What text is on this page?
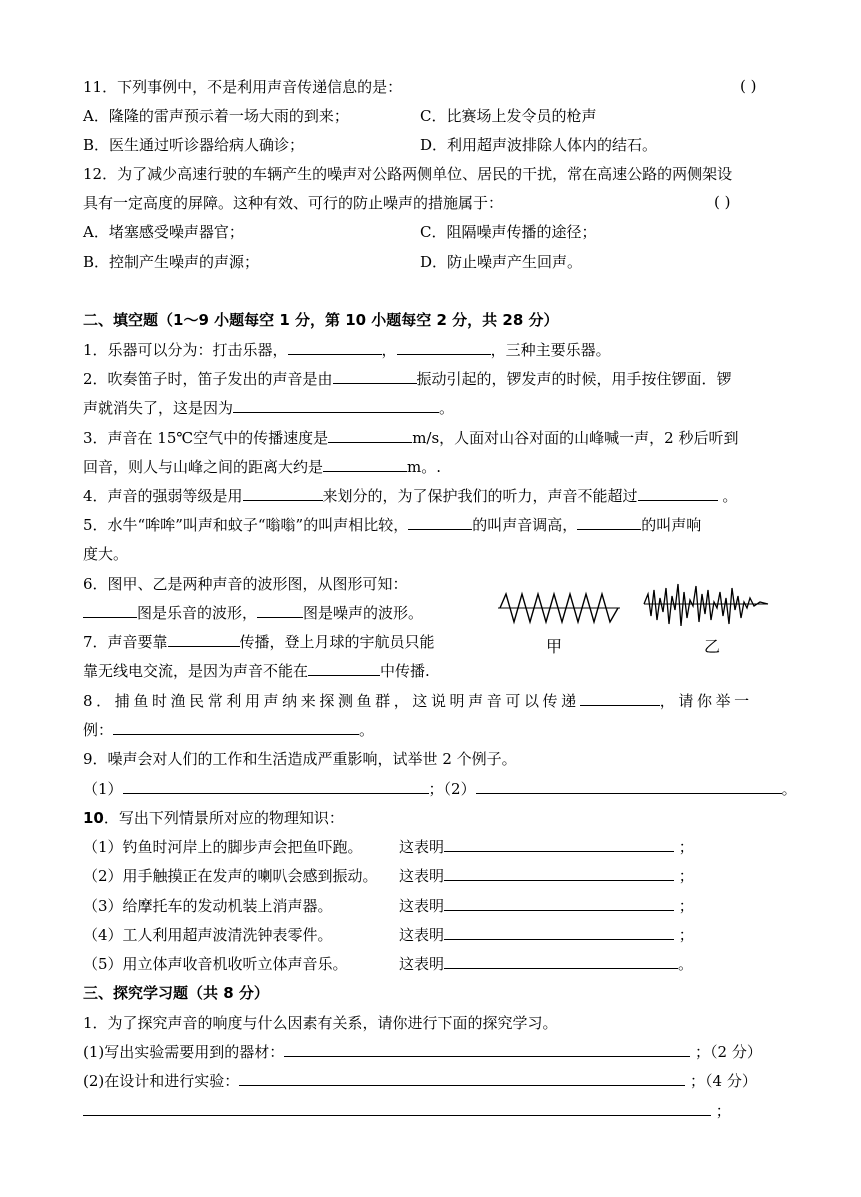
11．下列事例中，不是利用声音传递信息的是：	( )
A．隆隆的雷声预示着一场大雨的到来；	C．比赛场上发令员的枪声
B．医生通过听诊器给病人确诊；	D．利用超声波排除人体内的结石。
12．为了减少高速行驶的车辆产生的噪声对公路两侧单位、居民的干扰，常在高速公路的两侧架设
具有一定高度的屏障。这种有效、可行的防止噪声的措施属于：	( )
A．堵塞感受噪声器官；	C．阻隔噪声传播的途径；
B．控制产生噪声的声源；	D．防止噪声产生回声。
二、填空题（1～9 小题每空 1 分，第 10 小题每空 2 分，共 28 分）
1．乐器可以分为：打击乐器，	，	，三种主要乐器。
2．吹奏笛子时，笛子发出的声音是由	振动引起的，锣发声的时候，用手按住锣面．锣
声就消失了，这是因为	。
3．声音在 15℃空气中的传播速度是	m/s，人面对山谷对面的山峰喊一声，2 秒后听到
回音，则人与山峰之间的距离大约是	m。.
4．声音的强弱等级是用	来划分的，为了保护我们的听力，声音不能超过	。
5．水牛“哞哞”叫声和蚊子“嗡嗡”的叫声相比较，	的叫声音调高，	的叫声响
度大。
6．图甲、乙是两种声音的波形图，从图形可知：
图是乐音的波形，	图是噪声的波形。
7．声音要靠	传播，登上月球的宇航员只能
靠无线电交流，是因为声音不能在	中传播.
甲	乙
8．捕鱼时渔民常利用声纳来探测鱼群，这说明声音可以传递	，请你举一
例：	。
9．噪声会对人们的工作和生活造成严重影响，试举世 2 个例子。
（1）	；（2）	。
10．写出下列情景所对应的物理知识：
（1）钓鱼时河岸上的脚步声会把鱼吓跑。 这表明	；
（2）用手触摸正在发声的喇叭会感到振动。 这表明	；
（3）给摩托车的发动机装上消声器。	这表明	；
（4）工人利用超声波清洗钟表零件。	这表明	；
（5）用立体声收音机收听立体声音乐。	这表明	。
三、探究学习题（共 8 分）
1．为了探究声音的响度与什么因素有关系，请你进行下面的探究学习。
(1)写出实验需要用到的器材：	；（2 分）
(2)在设计和进行实验：	；（4 分）
；
